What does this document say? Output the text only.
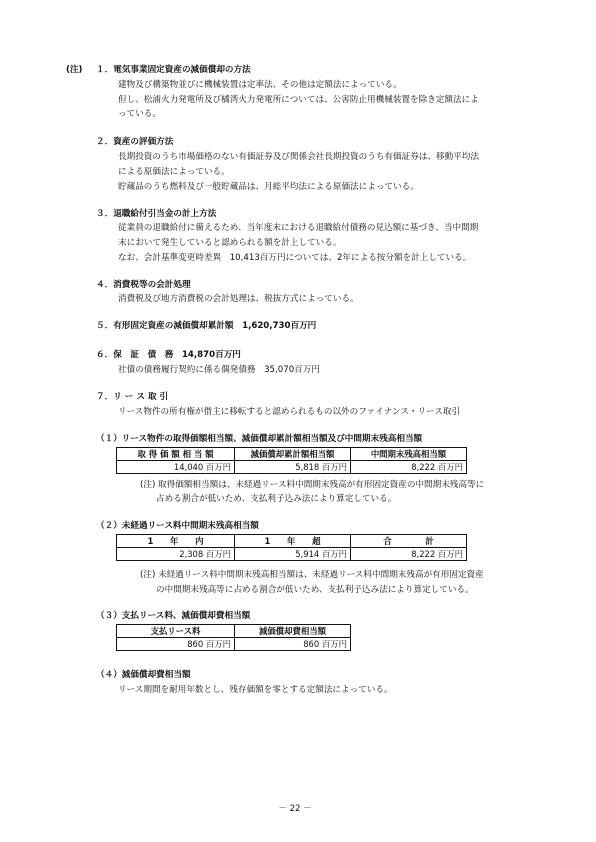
(注) １．電気事業固定資産の減価償却の方法
建物及び構築物並びに機械装置は定率法、その他は定額法によっている。
但し、松浦火力発電所及び橘湾火力発電所については、公害防止用機械装置を除き定額法によ
っている。
２．資産の評価方法
長期投資のうち市場価格のない有価証券及び関係会社長期投資のうち有価証券は、移動平均法
による原価法によっている。
貯蔵品のうち燃料及び一般貯蔵品は、月総平均法による原価法によっている。
３．退職給付引当金の計上方法
従業員の退職給付に備えるため、当年度末における退職給付債務の見込額に基づき、当中間期
末において発生していると認められる額を計上している。
なお、会計基準変更時差異　10,413百万円については、2年による按分額を計上している。
４．消費税等の会計処理
消費税及び地方消費税の会計処理は、税抜方式によっている。
５．有形固定資産の減価償却累計額　1,620,730百万円
６．保　証　債　務　14,870百万円
社債の債務履行契約に係る偶発債務　35,070百万円
７．リ ー ス 取 引
リース物件の所有権が借主に移転すると認められるもの以外のファイナンス・リース取引
（１）リース物件の取得価額相当額、減価償却累計額相当額及び中間期末残高相当額
取 得 価 額 相 当 額	減価償却累計額相当額	中間期末残高相当額
14,040 百万円	5,818 百万円	8,222 百万円
(注) 取得価額相当額は、未経過リース料中間期末残高が有形固定資産の中間期末残高等に
占める割合が低いため、支払利子込み法により算定している。
（２）未経過リース料中間期末残高相当額
1　　年　　内	1　　年　　超	合　　　　計
2,308 百万円	5,914 百万円	8,222 百万円
(注) 未経過リース料中間期末残高相当額は、未経過リース料中間期末残高が有形固定資産
の中間期末残高等に占める割合が低いため、支払利子込み法により算定している。
（３）支払リース料、減価償却費相当額
支払リース料	減価償却費相当額
860 百万円	860 百万円
（４）減価償却費相当額
リース期間を耐用年数とし、残存価額を零とする定額法によっている。
－ 22 －
